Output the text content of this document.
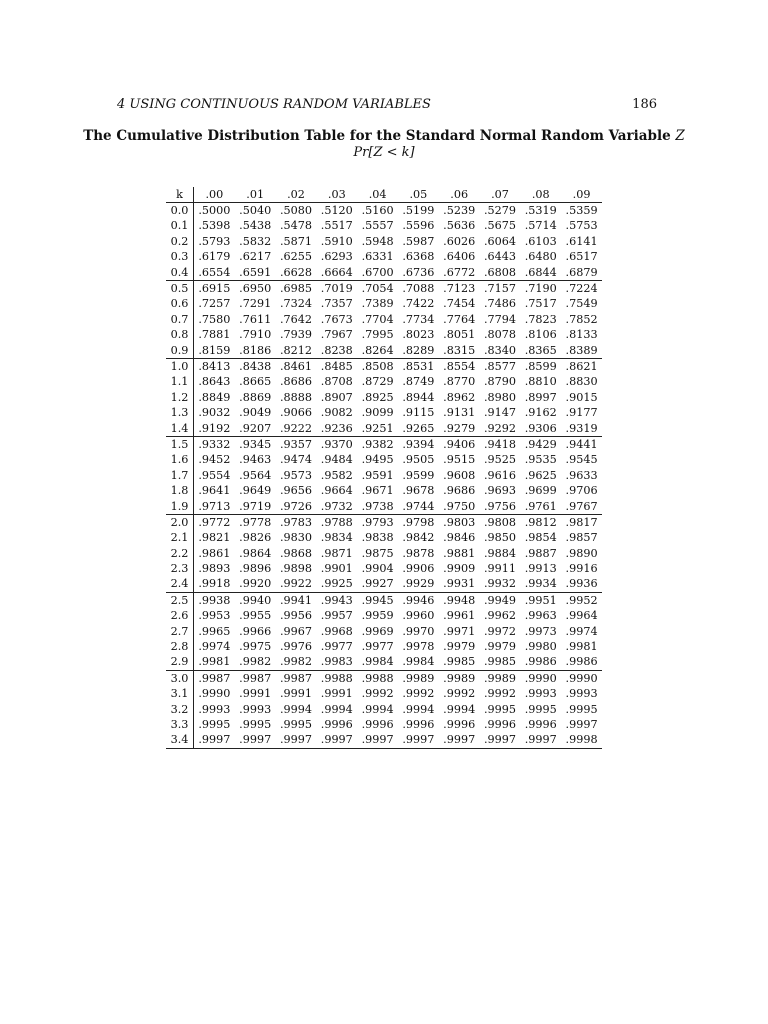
4 USING CONTINUOUS RANDOM VARIABLES	186
The Cumulative Distribution Table for the Standard Normal Random Variable Z
Pr[Z < k]
k	.00	.01	.02	.03	.04	.05	.06	.07	.08	.09
0.0	.5000	.5040	.5080	.5120	.5160	.5199	.5239	.5279	.5319	.5359
0.1	.5398	.5438	.5478	.5517	.5557	.5596	.5636	.5675	.5714	.5753
0.2	.5793	.5832	.5871	.5910	.5948	.5987	.6026	.6064	.6103	.6141
0.3	.6179	.6217	.6255	.6293	.6331	.6368	.6406	.6443	.6480	.6517
0.4	.6554	.6591	.6628	.6664	.6700	.6736	.6772	.6808	.6844	.6879
0.5	.6915	.6950	.6985	.7019	.7054	.7088	.7123	.7157	.7190	.7224
0.6	.7257	.7291	.7324	.7357	.7389	.7422	.7454	.7486	.7517	.7549
0.7	.7580	.7611	.7642	.7673	.7704	.7734	.7764	.7794	.7823	.7852
0.8	.7881	.7910	.7939	.7967	.7995	.8023	.8051	.8078	.8106	.8133
0.9	.8159	.8186	.8212	.8238	.8264	.8289	.8315	.8340	.8365	.8389
1.0	.8413	.8438	.8461	.8485	.8508	.8531	.8554	.8577	.8599	.8621
1.1	.8643	.8665	.8686	.8708	.8729	.8749	.8770	.8790	.8810	.8830
1.2	.8849	.8869	.8888	.8907	.8925	.8944	.8962	.8980	.8997	.9015
1.3	.9032	.9049	.9066	.9082	.9099	.9115	.9131	.9147	.9162	.9177
1.4	.9192	.9207	.9222	.9236	.9251	.9265	.9279	.9292	.9306	.9319
1.5	.9332	.9345	.9357	.9370	.9382	.9394	.9406	.9418	.9429	.9441
1.6	.9452	.9463	.9474	.9484	.9495	.9505	.9515	.9525	.9535	.9545
1.7	.9554	.9564	.9573	.9582	.9591	.9599	.9608	.9616	.9625	.9633
1.8	.9641	.9649	.9656	.9664	.9671	.9678	.9686	.9693	.9699	.9706
1.9	.9713	.9719	.9726	.9732	.9738	.9744	.9750	.9756	.9761	.9767
2.0	.9772	.9778	.9783	.9788	.9793	.9798	.9803	.9808	.9812	.9817
2.1	.9821	.9826	.9830	.9834	.9838	.9842	.9846	.9850	.9854	.9857
2.2	.9861	.9864	.9868	.9871	.9875	.9878	.9881	.9884	.9887	.9890
2.3	.9893	.9896	.9898	.9901	.9904	.9906	.9909	.9911	.9913	.9916
2.4	.9918	.9920	.9922	.9925	.9927	.9929	.9931	.9932	.9934	.9936
2.5	.9938	.9940	.9941	.9943	.9945	.9946	.9948	.9949	.9951	.9952
2.6	.9953	.9955	.9956	.9957	.9959	.9960	.9961	.9962	.9963	.9964
2.7	.9965	.9966	.9967	.9968	.9969	.9970	.9971	.9972	.9973	.9974
2.8	.9974	.9975	.9976	.9977	.9977	.9978	.9979	.9979	.9980	.9981
2.9	.9981	.9982	.9982	.9983	.9984	.9984	.9985	.9985	.9986	.9986
3.0	.9987	.9987	.9987	.9988	.9988	.9989	.9989	.9989	.9990	.9990
3.1	.9990	.9991	.9991	.9991	.9992	.9992	.9992	.9992	.9993	.9993
3.2	.9993	.9993	.9994	.9994	.9994	.9994	.9994	.9995	.9995	.9995
3.3	.9995	.9995	.9995	.9996	.9996	.9996	.9996	.9996	.9996	.9997
3.4	.9997	.9997	.9997	.9997	.9997	.9997	.9997	.9997	.9997	.9998
